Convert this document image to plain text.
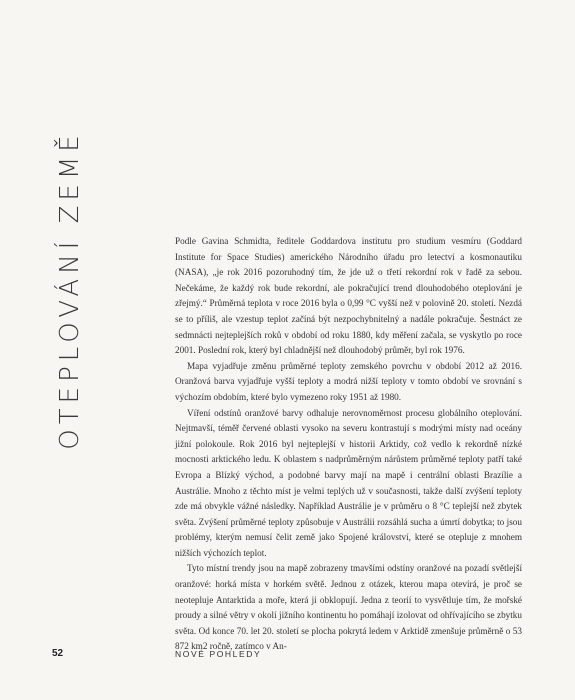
OTEPLOVÁNÍ ZEMĚ	Podle Gavina Schmidta, ředitele Goddardova institutu pro studium vesmíru (Goddard Institute for Space Studies) amerického Národního úřadu pro letectví a kosmonautiku (NASA), „je rok 2016 pozoruhodný tím, že jde už o třetí rekordní rok v řadě za sebou. Nečekáme, že každý rok bude rekordní, ale pokračující trend dlouhodobého oteplování je zřejmý.“ Průměrná teplota v roce 2016 byla o 0,99 °C vyšší než v polovině 20. století. Nezdá se to příliš, ale vzestup teplot začíná být nezpochybnitelný a nadále pokračuje. Šestnáct ze sedmnácti nejteplejších roků v období od roku 1880, kdy měření začala, se vyskytlo po roce 2001. Poslední rok, který byl chladnější než dlouhodobý průměr, byl rok 1976.

Mapa vyjadřuje změnu průměrné teploty zemského povrchu v období 2012 až 2016. Oranžová barva vyjadřuje vyšší teploty a modrá nižší teploty v tomto období ve srovnání s výchozím obdobím, které bylo vymezeno roky 1951 až 1980.

Víření odstínů oranžové barvy odhaluje nerovnoměrnost procesu globálního oteplování. Nejtmavší, téměř červené oblasti vysoko na severu kontrastují s modrými místy nad oceány jižní polokoule. Rok 2016 byl nejteplejší v historii Arktidy, což vedlo k rekordně nízké mocnosti arktického ledu. K oblastem s nadprůměrným nárůstem průměrné teploty patří také Evropa a Blízký východ, a podobné barvy mají na mapě i centrální oblasti Brazílie a Austrálie. Mnoho z těchto míst je velmi teplých už v současnosti, takže další zvýšení teploty zde má obvykle vážné následky. Například Austrálie je v průměru o 8 °C teplejší než zbytek světa. Zvýšení průměrné teploty způsobuje v Austrálii rozsáhlá sucha a úmrtí dobytka; to jsou problémy, kterým nemusí čelit země jako Spojené království, které se otepluje z mnohem nižších výchozích teplot.

Tyto místní trendy jsou na mapě zobrazeny tmavšími odstíny oranžové na pozadí světlejší oranžové: horká místa v horkém světě. Jednou z otázek, kterou mapa otevírá, je proč se neotepluje Antarktida a moře, která ji obklopují. Jedna z teorií to vysvětluje tím, že mořské proudy a silné větry v okolí jižního kontinentu ho pomáhají izolovat od ohřívajícího se zbytku světa. Od konce 70. let 20. století se plocha pokrytá ledem v Arktidě zmenšuje průměrně o 53 872 km2 ročně, zatímco v An-

52	NOVÉ POHLEDY
